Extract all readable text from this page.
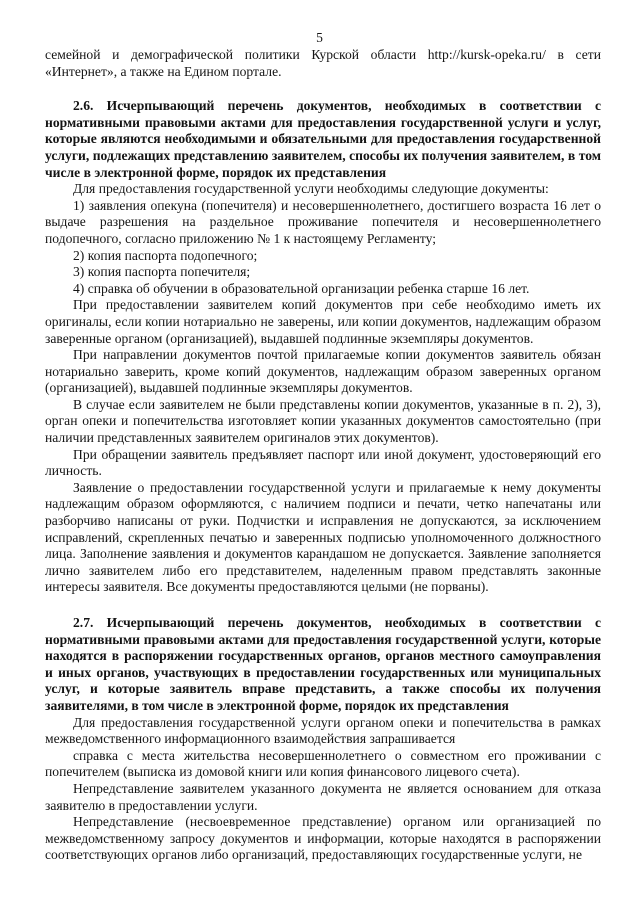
5

семейной и демографической политики Курской области http://kursk-opeka.ru/ в сети «Интернет», а также на Едином портале.

2.6. Исчерпывающий перечень документов, необходимых в соответствии с нормативными правовыми актами для предоставления государственной услуги и услуг, которые являются необходимыми и обязательными для предоставления государственной услуги, подлежащих представлению заявителем, способы их получения заявителем, в том числе в электронной форме, порядок их представления

Для предоставления государственной услуги необходимы следующие документы:

1) заявления опекуна (попечителя) и несовершеннолетнего, достигшего возраста 16 лет о выдаче разрешения на раздельное проживание попечителя и несовершеннолетнего подопечного, согласно приложению № 1 к настоящему Регламенту;

2) копия паспорта подопечного;

3) копия паспорта попечителя;

4) справка об обучении в образовательной организации ребенка старше 16 лет.

При предоставлении заявителем копий документов при себе необходимо иметь их оригиналы, если копии нотариально не заверены, или копии документов, надлежащим образом заверенные органом (организацией), выдавшей подлинные экземпляры документов.

При направлении документов почтой прилагаемые копии документов заявитель обязан нотариально заверить, кроме копий документов, надлежащим образом заверенных органом (организацией), выдавшей подлинные экземпляры документов.

В случае если заявителем не были представлены копии документов, указанные в п. 2), 3), орган опеки и попечительства изготовляет копии указанных документов самостоятельно (при наличии представленных заявителем оригиналов этих документов).

При обращении заявитель предъявляет паспорт или иной документ, удостоверяющий его личность.

Заявление о предоставлении государственной услуги и прилагаемые к нему документы надлежащим образом оформляются, с наличием подписи и печати, четко напечатаны или разборчиво написаны от руки. Подчистки и исправления не допускаются, за исключением исправлений, скрепленных печатью и заверенных подписью уполномоченного должностного лица. Заполнение заявления и документов карандашом не допускается. Заявление заполняется лично заявителем либо его представителем, наделенным правом представлять законные интересы заявителя. Все документы предоставляются целыми (не порваны).

2.7. Исчерпывающий перечень документов, необходимых в соответствии с нормативными правовыми актами для предоставления государственной услуги, которые находятся в распоряжении государственных органов, органов местного самоуправления и иных органов, участвующих в предоставлении государственных или муниципальных услуг, и которые заявитель вправе представить, а также способы их получения заявителями, в том числе в электронной форме, порядок их представления

Для предоставления государственной услуги органом опеки и попечительства в рамках межведомственного информационного взаимодействия запрашивается

справка с места жительства несовершеннолетнего о совместном его проживании с попечителем (выписка из домовой книги или копия финансового лицевого счета).

Непредставление заявителем указанного документа не является основанием для отказа заявителю в предоставлении услуги.

Непредставление (несвоевременное представление) органом или организацией по межведомственному запросу документов и информации, которые находятся в распоряжении соответствующих органов либо организаций, предоставляющих государственные услуги, не
